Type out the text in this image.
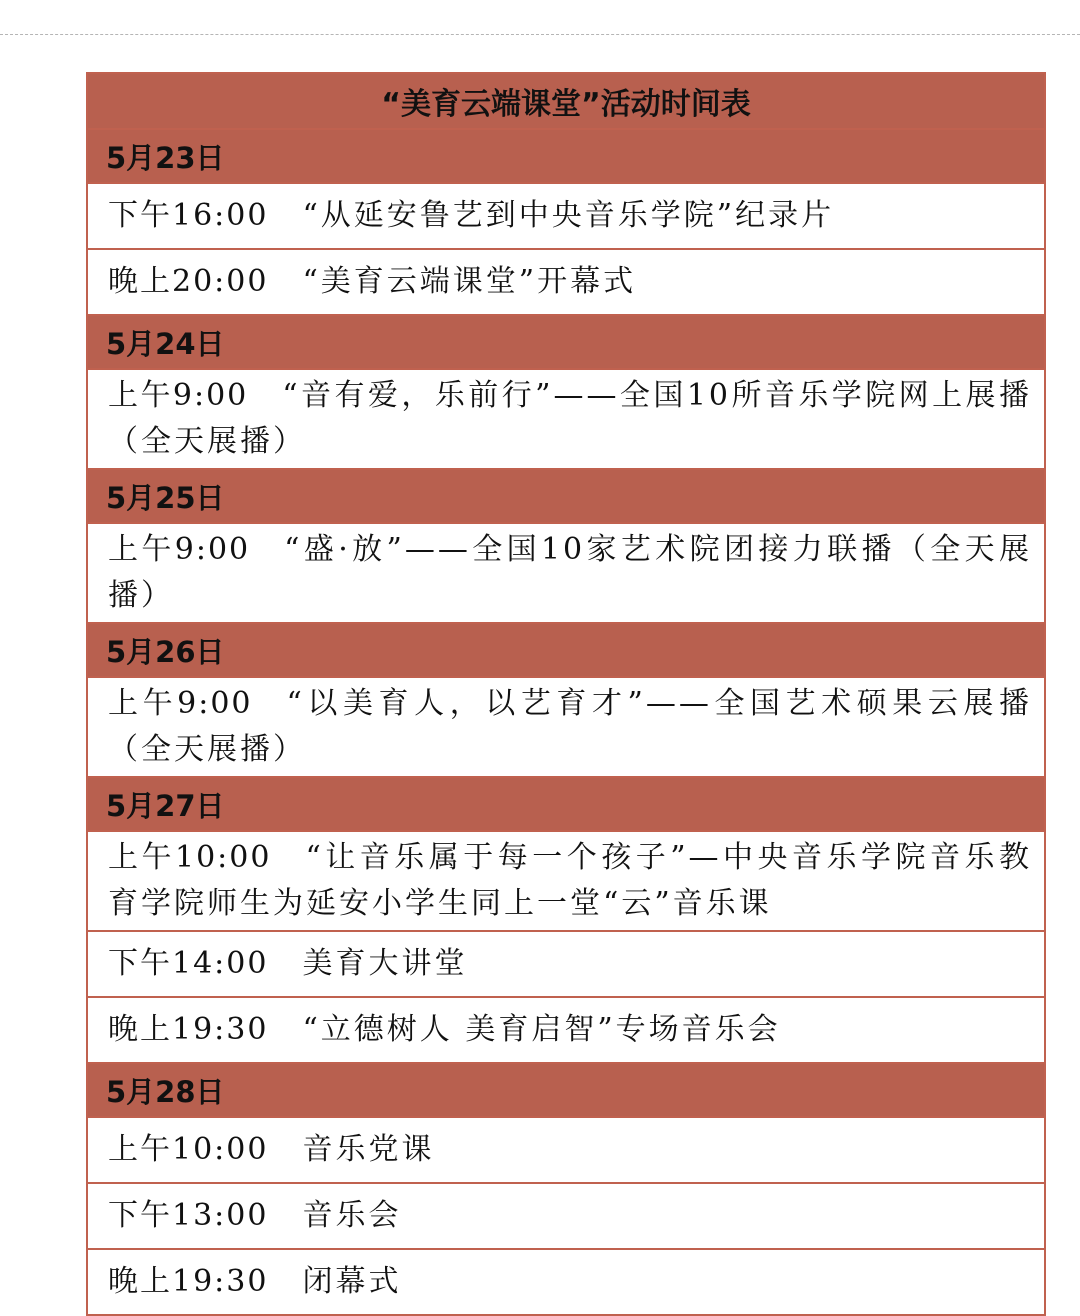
“美育云端课堂”活动时间表
5月23日
下午16:00 “从延安鲁艺到中央音乐学院”纪录片
晚上20:00 “美育云端课堂”开幕式
5月24日
上午9:00 “音有爱，乐前行”——全国10所音乐学院网上展播（全天展播）
5月25日
上午9:00 “盛·放”——全国10家艺术院团接力联播（全天展播）
5月26日
上午9:00 “以美育人，以艺育才”——全国艺术硕果云展播（全天展播）
5月27日
上午10:00 “让音乐属于每一个孩子”—中央音乐学院音乐教育学院师生为延安小学生同上一堂“云”音乐课
下午14:00 美育大讲堂
晚上19:30 “立德树人 美育启智”专场音乐会
5月28日
上午10:00 音乐党课
下午13:00 音乐会
晚上19:30 闭幕式
